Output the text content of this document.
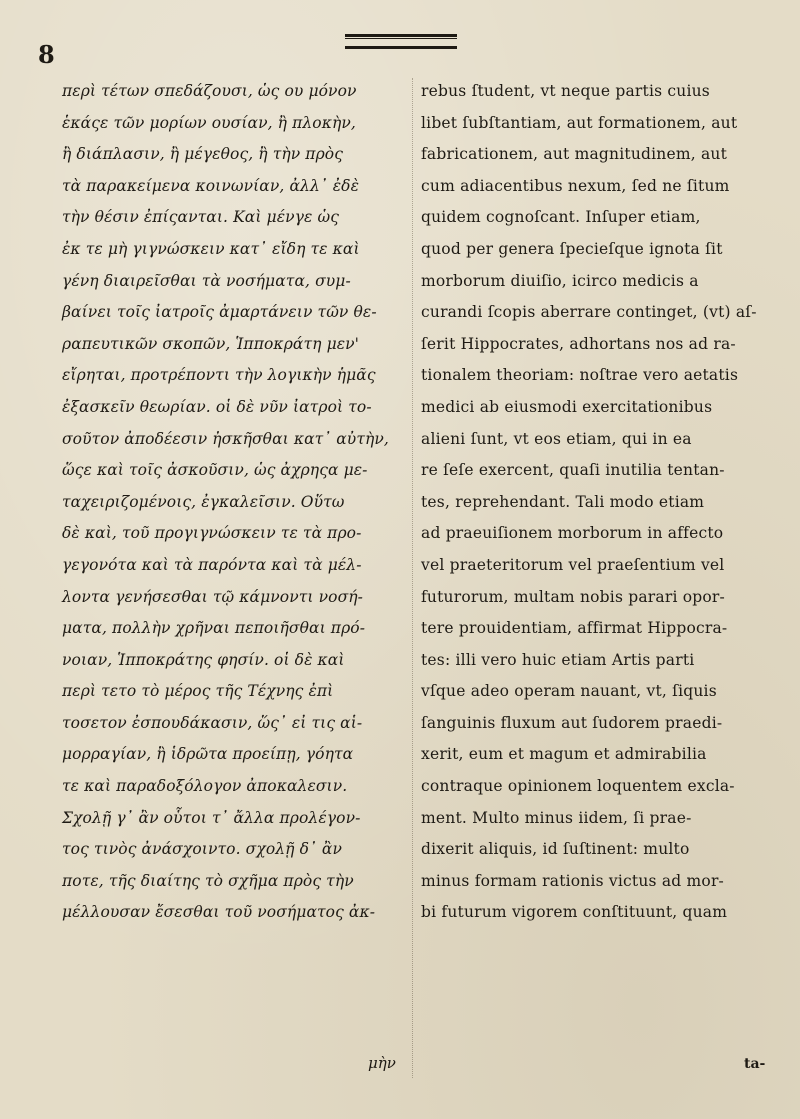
8
περὶ τέτων σπεδάζουσι, ὡς ου μόνον
ἑκάςε τῶν μορίων ουσίαν, ἢ πλοκὴν,
ἢ διάπλασιν, ἢ μέγεθος, ἢ τὴν πρὸς
τὰ παρακείμενα κοινωνίαν, ἀλλ᾽ ἐδὲ
τὴν θέσιν ἐπίςανται. Καὶ μένγε ὡς
ἐκ τε μὴ γιγνώσκειν κατ᾽ εἴδη τε καὶ
γένη διαιρεῖσθαι τὰ νοσήματα, συμ-
βαίνει τοῖς ἰατροῖς ἀμαρτάνειν τῶν θε-
ραπευτικῶν σκοπῶν, Ἱπποκράτη μεν'
εἴρηται, προτρέποντι τὴν λογικὴν ἡμᾶς
ἐξασκεῖν θεωρίαν. οἱ δὲ νῦν ἰατροὶ το-
σοῦτον ἀποδέεσιν ἠσκῆσθαι κατ᾽ αὐτὴν,
ὥςε καὶ τοῖς ἀσκοῦσιν, ὡς ἀχρηςα με-
ταχειριζομένοις, ἐγκαλεῖσιν. Οὕτω
δὲ καὶ, τοῦ προγιγνώσκειν τε τὰ προ-
γεγονότα καὶ τὰ παρόντα καὶ τὰ μέλ-
λοντα γενήσεσθαι τῷ κάμνοντι νοσή-
ματα, πολλὴν χρῆναι πεποιῆσθαι πρό-
νοιαν, Ἱπποκράτης φησίν. οἱ δὲ καὶ
περὶ τετο τὸ μέρος τῆς Τέχνης ἐπὶ
τοσετον ἐσπουδάκασιν, ὥς᾽ εἰ τις αἱ-
μορραγίαν, ἢ ἱδρῶτα προείπῃ, γόητα
τε καὶ παραδοξόλογον ἀποκαλεσιν.
Σχολῇ γ᾽ ἂν οὗτοι τ᾽ ἄλλα προλέγον-
τος τινὸς ἀνάσχοιντο. σχολῇ δ᾽ ἂν
ποτε, τῆς διαίτης τὸ σχῆμα πρὸς τὴν
μέλλουσαν ἔσεσθαι τοῦ νοσήματος ἀκ-
rebus ſtudent, vt neque partis cuius
libet ſubſtantiam, aut formationem, aut
fabricationem, aut magnitudinem, aut
cum adiacentibus nexum, ſed ne ſitum
quidem cognoſcant. Inſuper etiam,
quod per genera ſpecieſque ignota ſit
morborum diuiſio, icirco medicis a
curandi ſcopis aberrare continget, (vt) aſ-
ſerit Hippocrates, adhortans nos ad ra-
tionalem theoriam: noſtrae vero aetatis
medici ab eiusmodi exercitationibus
alieni ſunt, vt eos etiam, qui in ea
re ſeſe exercent, quaſi inutilia tentan-
tes, reprehendant. Tali modo etiam
ad praeuiſionem morborum in affecto
vel praeteritorum vel praeſentium vel
futurorum, multam nobis parari opor-
tere prouidentiam, affirmat Hippocra-
tes: illi vero huic etiam Artis parti
vſque adeo operam nauant, vt, ſiquis
ſanguinis fluxum aut ſudorem praedi-
xerit, eum et magum et admirabilia
contraque opinionem loquentem excla-
ment. Multo minus iidem, ſi prae-
dixerit aliquis, id ſuſtinent: multo
minus formam rationis victus ad mor-
bi futurum vigorem conſtituunt, quam
μὴν	ta-
